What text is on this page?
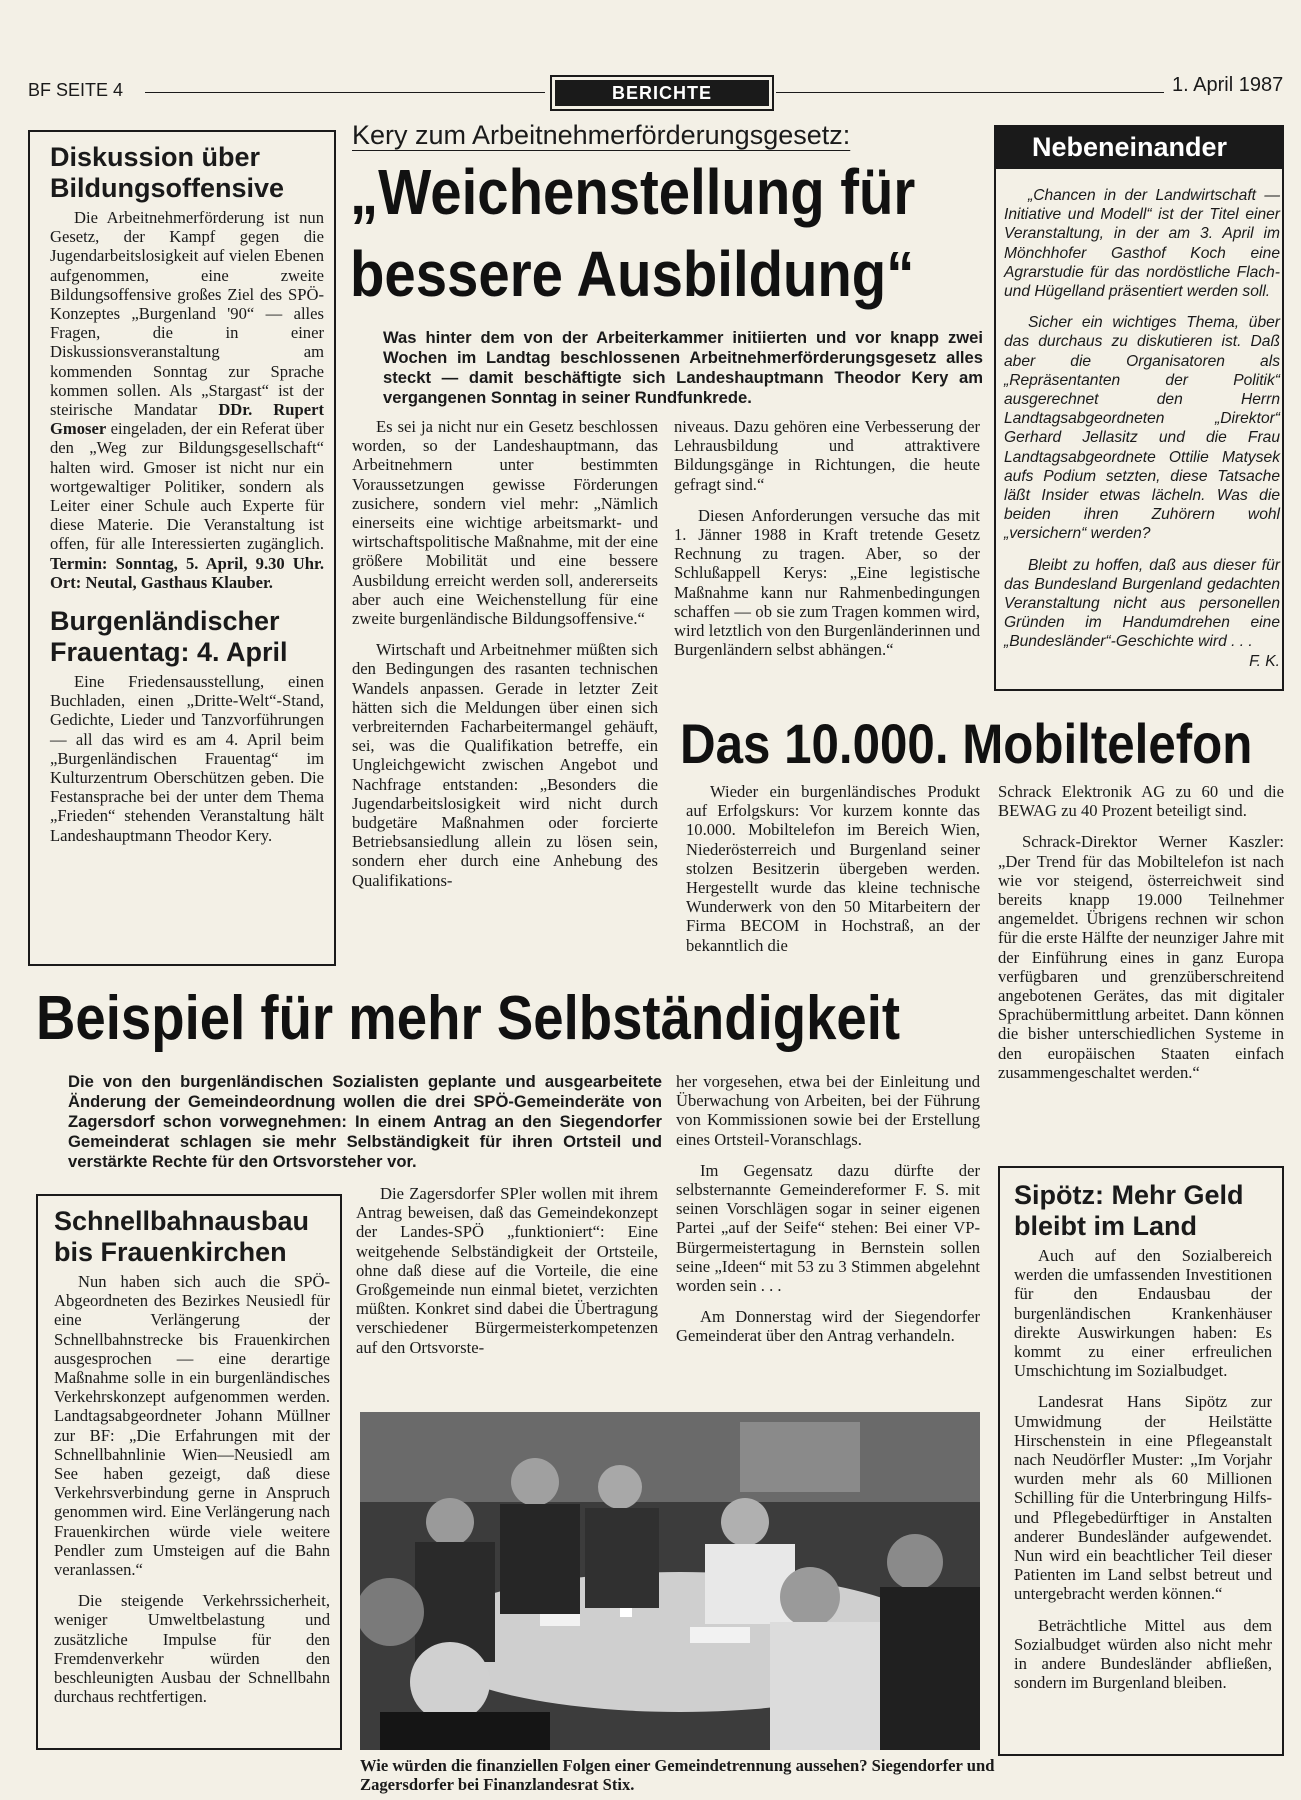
BF SEITE 4	BERICHTE	1. April 1987
Diskussion über Bildungsoffensive

Die Arbeitnehmerförderung ist nun Gesetz, der Kampf gegen die Jugendarbeitslosigkeit auf vielen Ebenen aufgenommen, eine zweite Bildungsoffensive großes Ziel des SPÖ-Konzeptes „Burgenland '90“ — alles Fragen, die in einer Diskussionsveranstaltung am kommenden Sonntag zur Sprache kommen sollen. Als „Stargast“ ist der steirische Mandatar DDr. Rupert Gmoser eingeladen, der ein Referat über den „Weg zur Bildungsgesellschaft“ halten wird. Gmoser ist nicht nur ein wortgewaltiger Politiker, sondern als Leiter einer Schule auch Experte für diese Materie. Die Veranstaltung ist offen, für alle Interessierten zugänglich. Termin: Sonntag, 5. April, 9.30 Uhr. Ort: Neutal, Gasthaus Klauber.

Burgenländischer Frauentag: 4. April

Eine Friedensausstellung, einen Buchladen, einen „Dritte-Welt“-Stand, Gedichte, Lieder und Tanzvorführungen — all das wird es am 4. April beim „Burgenländischen Frauentag“ im Kulturzentrum Oberschützen geben. Die Festansprache bei der unter dem Thema „Frieden“ stehenden Veranstaltung hält Landeshauptmann Theodor Kery.

Kery zum Arbeitnehmerförderungsgesetz:
„Weichenstellung für
bessere Ausbildung“
Was hinter dem von der Arbeiterkammer initiierten und vor knapp zwei Wochen im Landtag beschlossenen Arbeitnehmerförderungsgesetz alles steckt — damit beschäftigte sich Landeshauptmann Theodor Kery am vergangenen Sonntag in seiner Rundfunkrede.

Es sei ja nicht nur ein Gesetz beschlossen worden, so der Landeshauptmann, das Arbeitnehmern unter bestimmten Voraussetzungen gewisse Förderungen zusichere, sondern viel mehr: „Nämlich einerseits eine wichtige arbeitsmarkt- und wirtschaftspolitische Maßnahme, mit der eine größere Mobilität und eine bessere Ausbildung erreicht werden soll, andererseits aber auch eine Weichenstellung für eine zweite burgenländische Bildungsoffensive.“

Wirtschaft und Arbeitnehmer müßten sich den Bedingungen des rasanten technischen Wandels anpassen. Gerade in letzter Zeit hätten sich die Meldungen über einen sich verbreiternden Facharbeitermangel gehäuft, sei, was die Qualifikation betreffe, ein Ungleichgewicht zwischen Angebot und Nachfrage entstanden: „Besonders die Jugendarbeitslosigkeit wird nicht durch budgetäre Maßnahmen oder forcierte Betriebsansiedlung allein zu lösen sein, sondern eher durch eine Anhebung des Qualifikations-

niveaus. Dazu gehören eine Verbesserung der Lehrausbildung und attraktivere Bildungsgänge in Richtungen, die heute gefragt sind.“

Diesen Anforderungen versuche das mit 1. Jänner 1988 in Kraft tretende Gesetz Rechnung zu tragen. Aber, so der Schlußappell Kerys: „Eine legistische Maßnahme kann nur Rahmenbedingungen schaffen — ob sie zum Tragen kommen wird, wird letztlich von den Burgenländerinnen und Burgenländern selbst abhängen.“

Nebeneinander

„Chancen in der Landwirtschaft — Initiative und Modell“ ist der Titel einer Veranstaltung, in der am 3. April im Mönchhofer Gasthof Koch eine Agrarstudie für das nordöstliche Flach- und Hügelland präsentiert werden soll.

Sicher ein wichtiges Thema, über das durchaus zu diskutieren ist. Daß aber die Organisatoren als „Repräsentanten der Politik“ ausgerechnet den Herrn Landtagsabgeordneten „Direktor“ Gerhard Jellasitz und die Frau Landtagsabgeordnete Ottilie Matysek aufs Podium setzten, diese Tatsache läßt Insider etwas lächeln. Was die beiden ihren Zuhörern wohl „versichern“ werden?

Bleibt zu hoffen, daß aus dieser für das Bundesland Burgenland gedachten Veranstaltung nicht aus personellen Gründen im Handumdrehen eine „Bundesländer“-Geschichte wird . . .

F. K.

Das 10.000. Mobiltelefon

Wieder ein burgenländisches Produkt auf Erfolgskurs: Vor kurzem konnte das 10.000. Mobiltelefon im Bereich Wien, Niederösterreich und Burgenland seiner stolzen Besitzerin übergeben werden. Hergestellt wurde das kleine technische Wunderwerk von den 50 Mitarbeitern der Firma BECOM in Hochstraß, an der bekanntlich die

Schrack Elektronik AG zu 60 und die BEWAG zu 40 Prozent beteiligt sind.

Schrack-Direktor Werner Kaszler: „Der Trend für das Mobiltelefon ist nach wie vor steigend, österreichweit sind bereits knapp 19.000 Teilnehmer angemeldet. Übrigens rechnen wir schon für die erste Hälfte der neunziger Jahre mit der Einführung eines in ganz Europa verfügbaren und grenzüberschreitend angebotenen Gerätes, das mit digitaler Sprachübermittlung arbeitet. Dann können die bisher unterschiedlichen Systeme in den europäischen Staaten einfach zusammengeschaltet werden.“

Beispiel für mehr Selbständigkeit
Die von den burgenländischen Sozialisten geplante und ausgearbeitete Änderung der Gemeindeordnung wollen die drei SPÖ-Gemeinderäte von Zagersdorf schon vorwegnehmen: In einem Antrag an den Siegendorfer Gemeinderat schlagen sie mehr Selbständigkeit für ihren Ortsteil und verstärkte Rechte für den Ortsvorsteher vor.

Die Zagersdorfer SPler wollen mit ihrem Antrag beweisen, daß das Gemeindekonzept der Landes-SPÖ „funktioniert“: Eine weitgehende Selbständigkeit der Ortsteile, ohne daß diese auf die Vorteile, die eine Großgemeinde nun einmal bietet, verzichten müßten. Konkret sind dabei die Übertragung verschiedener Bürgermeisterkompetenzen auf den Ortsvorste-

her vorgesehen, etwa bei der Einleitung und Überwachung von Arbeiten, bei der Führung von Kommissionen sowie bei der Erstellung eines Ortsteil-Voranschlags.

Im Gegensatz dazu dürfte der selbsternannte Gemeindereformer F. S. mit seinen Vorschlägen sogar in seiner eigenen Partei „auf der Seife“ stehen: Bei einer VP-Bürgermeistertagung in Bernstein sollen seine „Ideen“ mit 53 zu 3 Stimmen abgelehnt worden sein . . .

Am Donnerstag wird der Siegendorfer Gemeinderat über den Antrag verhandeln.

Wie würden die finanziellen Folgen einer Gemeindetrennung aussehen? Siegendorfer und Zagersdorfer bei Finanzlandesrat Stix.
Schnellbahnausbau bis Frauenkirchen

Nun haben sich auch die SPÖ-Abgeordneten des Bezirkes Neusiedl für eine Verlängerung der Schnellbahnstrecke bis Frauenkirchen ausgesprochen — eine derartige Maßnahme solle in ein burgenländisches Verkehrskonzept aufgenommen werden. Landtagsabgeordneter Johann Müllner zur BF: „Die Erfahrungen mit der Schnellbahnlinie Wien—Neusiedl am See haben gezeigt, daß diese Verkehrsverbindung gerne in Anspruch genommen wird. Eine Verlängerung nach Frauenkirchen würde viele weitere Pendler zum Umsteigen auf die Bahn veranlassen.“

Die steigende Verkehrssicherheit, weniger Umweltbelastung und zusätzliche Impulse für den Fremdenverkehr würden den beschleunigten Ausbau der Schnellbahn durchaus rechtfertigen.

Sipötz: Mehr Geld bleibt im Land

Auch auf den Sozialbereich werden die umfassenden Investitionen für den Endausbau der burgenländischen Krankenhäuser direkte Auswirkungen haben: Es kommt zu einer erfreulichen Umschichtung im Sozialbudget.

Landesrat Hans Sipötz zur Umwidmung der Heilstätte Hirschenstein in eine Pflegeanstalt nach Neudörfler Muster: „Im Vorjahr wurden mehr als 60 Millionen Schilling für die Unterbringung Hilfs- und Pflegebedürftiger in Anstalten anderer Bundesländer aufgewendet. Nun wird ein beachtlicher Teil dieser Patienten im Land selbst betreut und untergebracht werden können.“

Beträchtliche Mittel aus dem Sozialbudget würden also nicht mehr in andere Bundesländer abfließen, sondern im Burgenland bleiben.
